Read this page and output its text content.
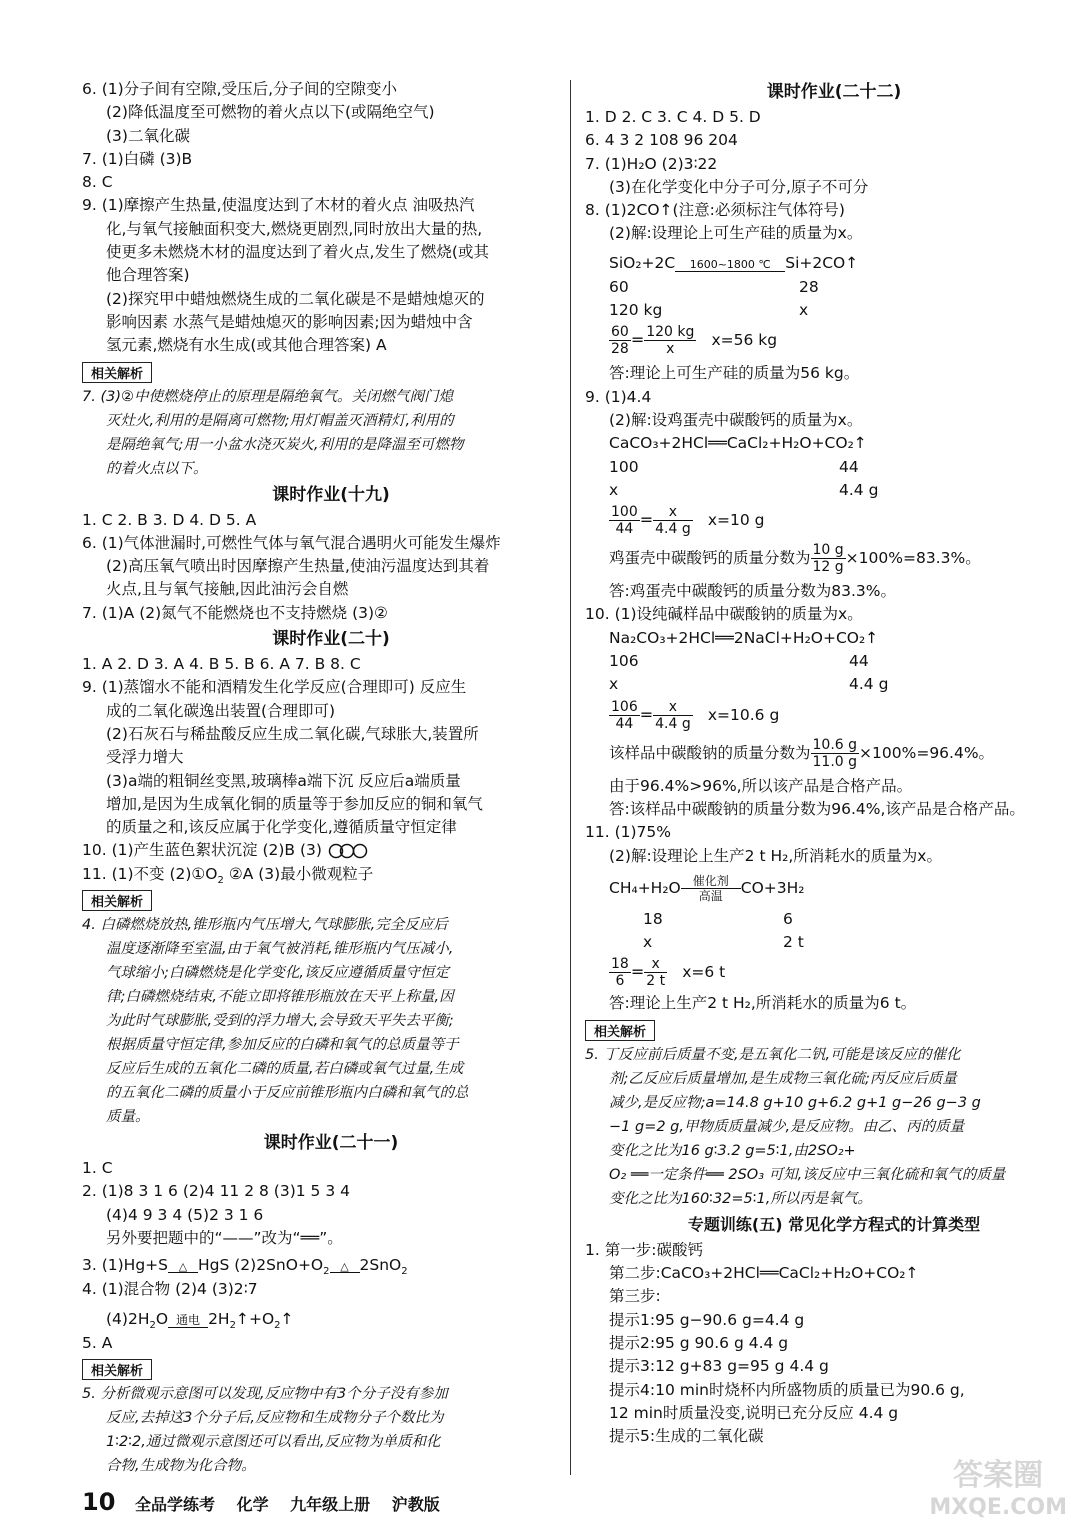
6. (1)分子间有空隙,受压后,分子间的空隙变小
(2)降低温度至可燃物的着火点以下(或隔绝空气)
(3)二氧化碳
7. (1)白磷 (3)B
8. C
9. (1)摩擦产生热量,使温度达到了木材的着火点 油吸热汽
化,与氧气接触面积变大,燃烧更剧烈,同时放出大量的热,
使更多未燃烧木材的温度达到了着火点,发生了燃烧(或其
他合理答案)
(2)探究甲中蜡烛燃烧生成的二氧化碳是不是蜡烛熄灭的
影响因素 水蒸气是蜡烛熄灭的影响因素;因为蜡烛中含
氢元素,燃烧有水生成(或其他合理答案) A
相关解析
7. (3)②中使燃烧停止的原理是隔绝氧气。关闭燃气阀门熄
灭灶火,利用的是隔离可燃物;用灯帽盖灭酒精灯,利用的
是隔绝氧气;用一小盆水浇灭炭火,利用的是降温至可燃物
的着火点以下。
课时作业(十九)
1. C 2. B 3. D 4. D 5. A
6. (1)气体泄漏时,可燃性气体与氧气混合遇明火可能发生爆炸
(2)高压氧气喷出时因摩擦产生热量,使油污温度达到其着
火点,且与氧气接触,因此油污会自燃
7. (1)A (2)氮气不能燃烧也不支持燃烧 (3)②
课时作业(二十)
1. A 2. D 3. A 4. B 5. B 6. A 7. B 8. C
9. (1)蒸馏水不能和酒精发生化学反应(合理即可) 反应生
成的二氧化碳逸出装置(合理即可)
(2)石灰石与稀盐酸反应生成二氧化碳,气球胀大,装置所
受浮力增大
(3)a端的粗铜丝变黑,玻璃棒a端下沉 反应后a端质量
增加,是因为生成氧化铜的质量等于参加反应的铜和氧气
的质量之和,该反应属于化学变化,遵循质量守恒定律
10. (1)产生蓝色絮状沉淀 (2)B (3)
11. (1)不变 $(2)①O_2$ ②A (3)最小微观粒子
相关解析
4. 白磷燃烧放热,锥形瓶内气压增大,气球膨胀,完全反应后
温度逐渐降至室温,由于氧气被消耗,锥形瓶内气压减小,
气球缩小;白磷燃烧是化学变化,该反应遵循质量守恒定
律;白磷燃烧结束,不能立即将锥形瓶放在天平上称量,因
为此时气球膨胀,受到的浮力增大,会导致天平失去平衡;
根据质量守恒定律,参加反应的白磷和氧气的总质量等于
反应后生成的五氧化二磷的质量,若白磷或氧气过量,生成
的五氧化二磷的质量小于反应前锥形瓶内白磷和氧气的总
质量。
课时作业(二十一)
1. C
2. (1)8 3 1 6 (2)4 11 2 8 (3)1 5 3 4
(4)4 9 3 4 (5)2 3 1 6
另外要把题中的“——”改为“══”。
3. (1)Hg+S △ HgS $(2)2SnO+O_2$ △ 2SnO$_2$
4. (1)混合物 (2)4 (3)2∶7
$(4)2H_2O$ 通电 $2H_2↑+O_2↑$
5. A
相关解析
5. 分析微观示意图可以发现,反应物中有3个分子没有参加
反应,去掉这3个分子后,反应物和生成物分子个数比为
1∶2∶2,通过微观示意图还可以看出,反应物为单质和化
合物,生成物为化合物。
课时作业(二十二)
1. D 2. C 3. C 4. D 5. D
6. 4 3 2 108 96 204
7. (1)H₂O (2)3∶22
(3)在化学变化中分子可分,原子不可分
8. (1)2CO↑(注意:必须标注气体符号)
(2)解:设理论上可生产硅的质量为x。
SiO₂+2C 1600~1800 ℃ Si+2CO↑
60	28
120 kg	x
$\frac{60}{28} = \frac{120 kg}{x} x=56$ kg
答:理论上可生产硅的质量为56 kg。
9. (1)4.4
(2)解:设鸡蛋壳中碳酸钙的质量为x。
CaCO₃+2HCl══CaCl₂+H₂O+CO₂↑
100	44
x	4.4 g
$\frac{100}{44} = \frac{x}{4.4 g} x=10$ g
鸡蛋壳中碳酸钙的质量分数为 $\frac{10 g}{12 g} \times 100\%=83.3\%$。
答:鸡蛋壳中碳酸钙的质量分数为83.3%。
10. (1)设纯碱样品中碳酸钠的质量为x。
Na₂CO₃+2HCl══2NaCl+H₂O+CO₂↑
106	44
x	4.4 g
$\frac{106}{44} = \frac{x}{4.4 g} x=10.6$ g
该样品中碳酸钠的质量分数为 $\frac{10.6 g}{11.0 g} \times 100\%=96.4\%$。
由于96.4%>96%,所以该产品是合格产品。
答:该样品中碳酸钠的质量分数为96.4%,该产品是合格产品。
11. (1)75%
(2)解:设理论上生产2 t H₂,所消耗水的质量为x。
CH₄+H₂O 催化剂
高温	CO+3H₂
18	6
x	2 t
$\frac{18}{6} = \frac{x}{2 t} x=6$ t
答:理论上生产2 t H₂,所消耗水的质量为6 t。
相关解析
5. 丁反应前后质量不变,是五氧化二钒,可能是该反应的催化
剂;乙反应后质量增加,是生成物三氧化硫;丙反应后质量
减少,是反应物;a=14.8 g+10 g+6.2 g+1 g−26 g−3 g
−1 g=2 g,甲物质质量减少,是反应物。由乙、丙的质量
变化之比为16 g∶3.2 g=5∶1,由2SO₂+
O₂ ══一定条件══ 2SO₃ 可知,该反应中三氧化硫和氧气的质量
变化之比为160∶32=5∶1,所以丙是氧气。
专题训练(五) 常见化学方程式的计算类型
1. 第一步:碳酸钙
第二步:CaCO₃+2HCl══CaCl₂+H₂O+CO₂↑
第三步:
提示1:95 g−90.6 g=4.4 g
提示2:95 g 90.6 g 4.4 g
提示3:12 g+83 g=95 g 4.4 g
提示4:10 min时烧杯内所盛物质的质量已为90.6 g,
12 min时质量没变,说明已充分反应 4.4 g
提示5:生成的二氧化碳
10 全品学练考 化学 九年级上册 沪教版
答案圈
MXQE.COM
